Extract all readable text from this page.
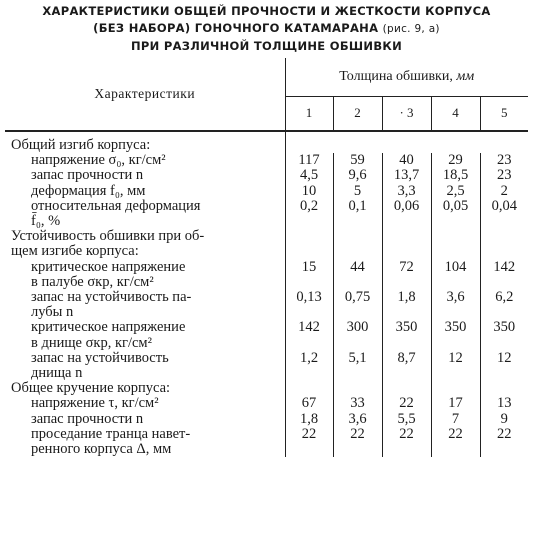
ХАРАКТЕРИСТИКИ ОБЩЕЙ ПРОЧНОСТИ И ЖЕСТКОСТИ КОРПУСА
(БЕЗ НАБОРА) ГОНОЧНОГО КАТАМАРАНА (рис. 9, а)
ПРИ РАЗЛИЧНОЙ ТОЛЩИНЕ ОБШИВКИ
Характеристики	Толщина обшивки, мм				
	1	2	· 3	4	5
Общий изгиб корпуса:					
напряжение σ₀, кг/см²	117	59	40	29	23
запас прочности n	4,5	9,6	13,7	18,5	23
деформация f₀, мм	10	5	3,3	2,5	2
относительная деформация	0,2	0,1	0,06	0,05	0,04
f̄₀, %					
Устойчивость обшивки при об-					
щем изгибе корпуса:					
критическое напряжение	15	44	72	104	142
в палубе σкр, кг/см²					
запас на устойчивость па-	0,13	0,75	1,8	3,6	6,2
лубы n					
критическое напряжение	142	300	350	350	350
в днище σкр, кг/см²					
запас на устойчивость	1,2	5,1	8,7	12	12
днища n					
Общее кручение корпуса:					
напряжение τ, кг/см²	67	33	22	17	13
запас прочности n	1,8	3,6	5,5	7	9
проседание транца навет-	22	22	22	22	22
ренного корпуса Δ, мм					
